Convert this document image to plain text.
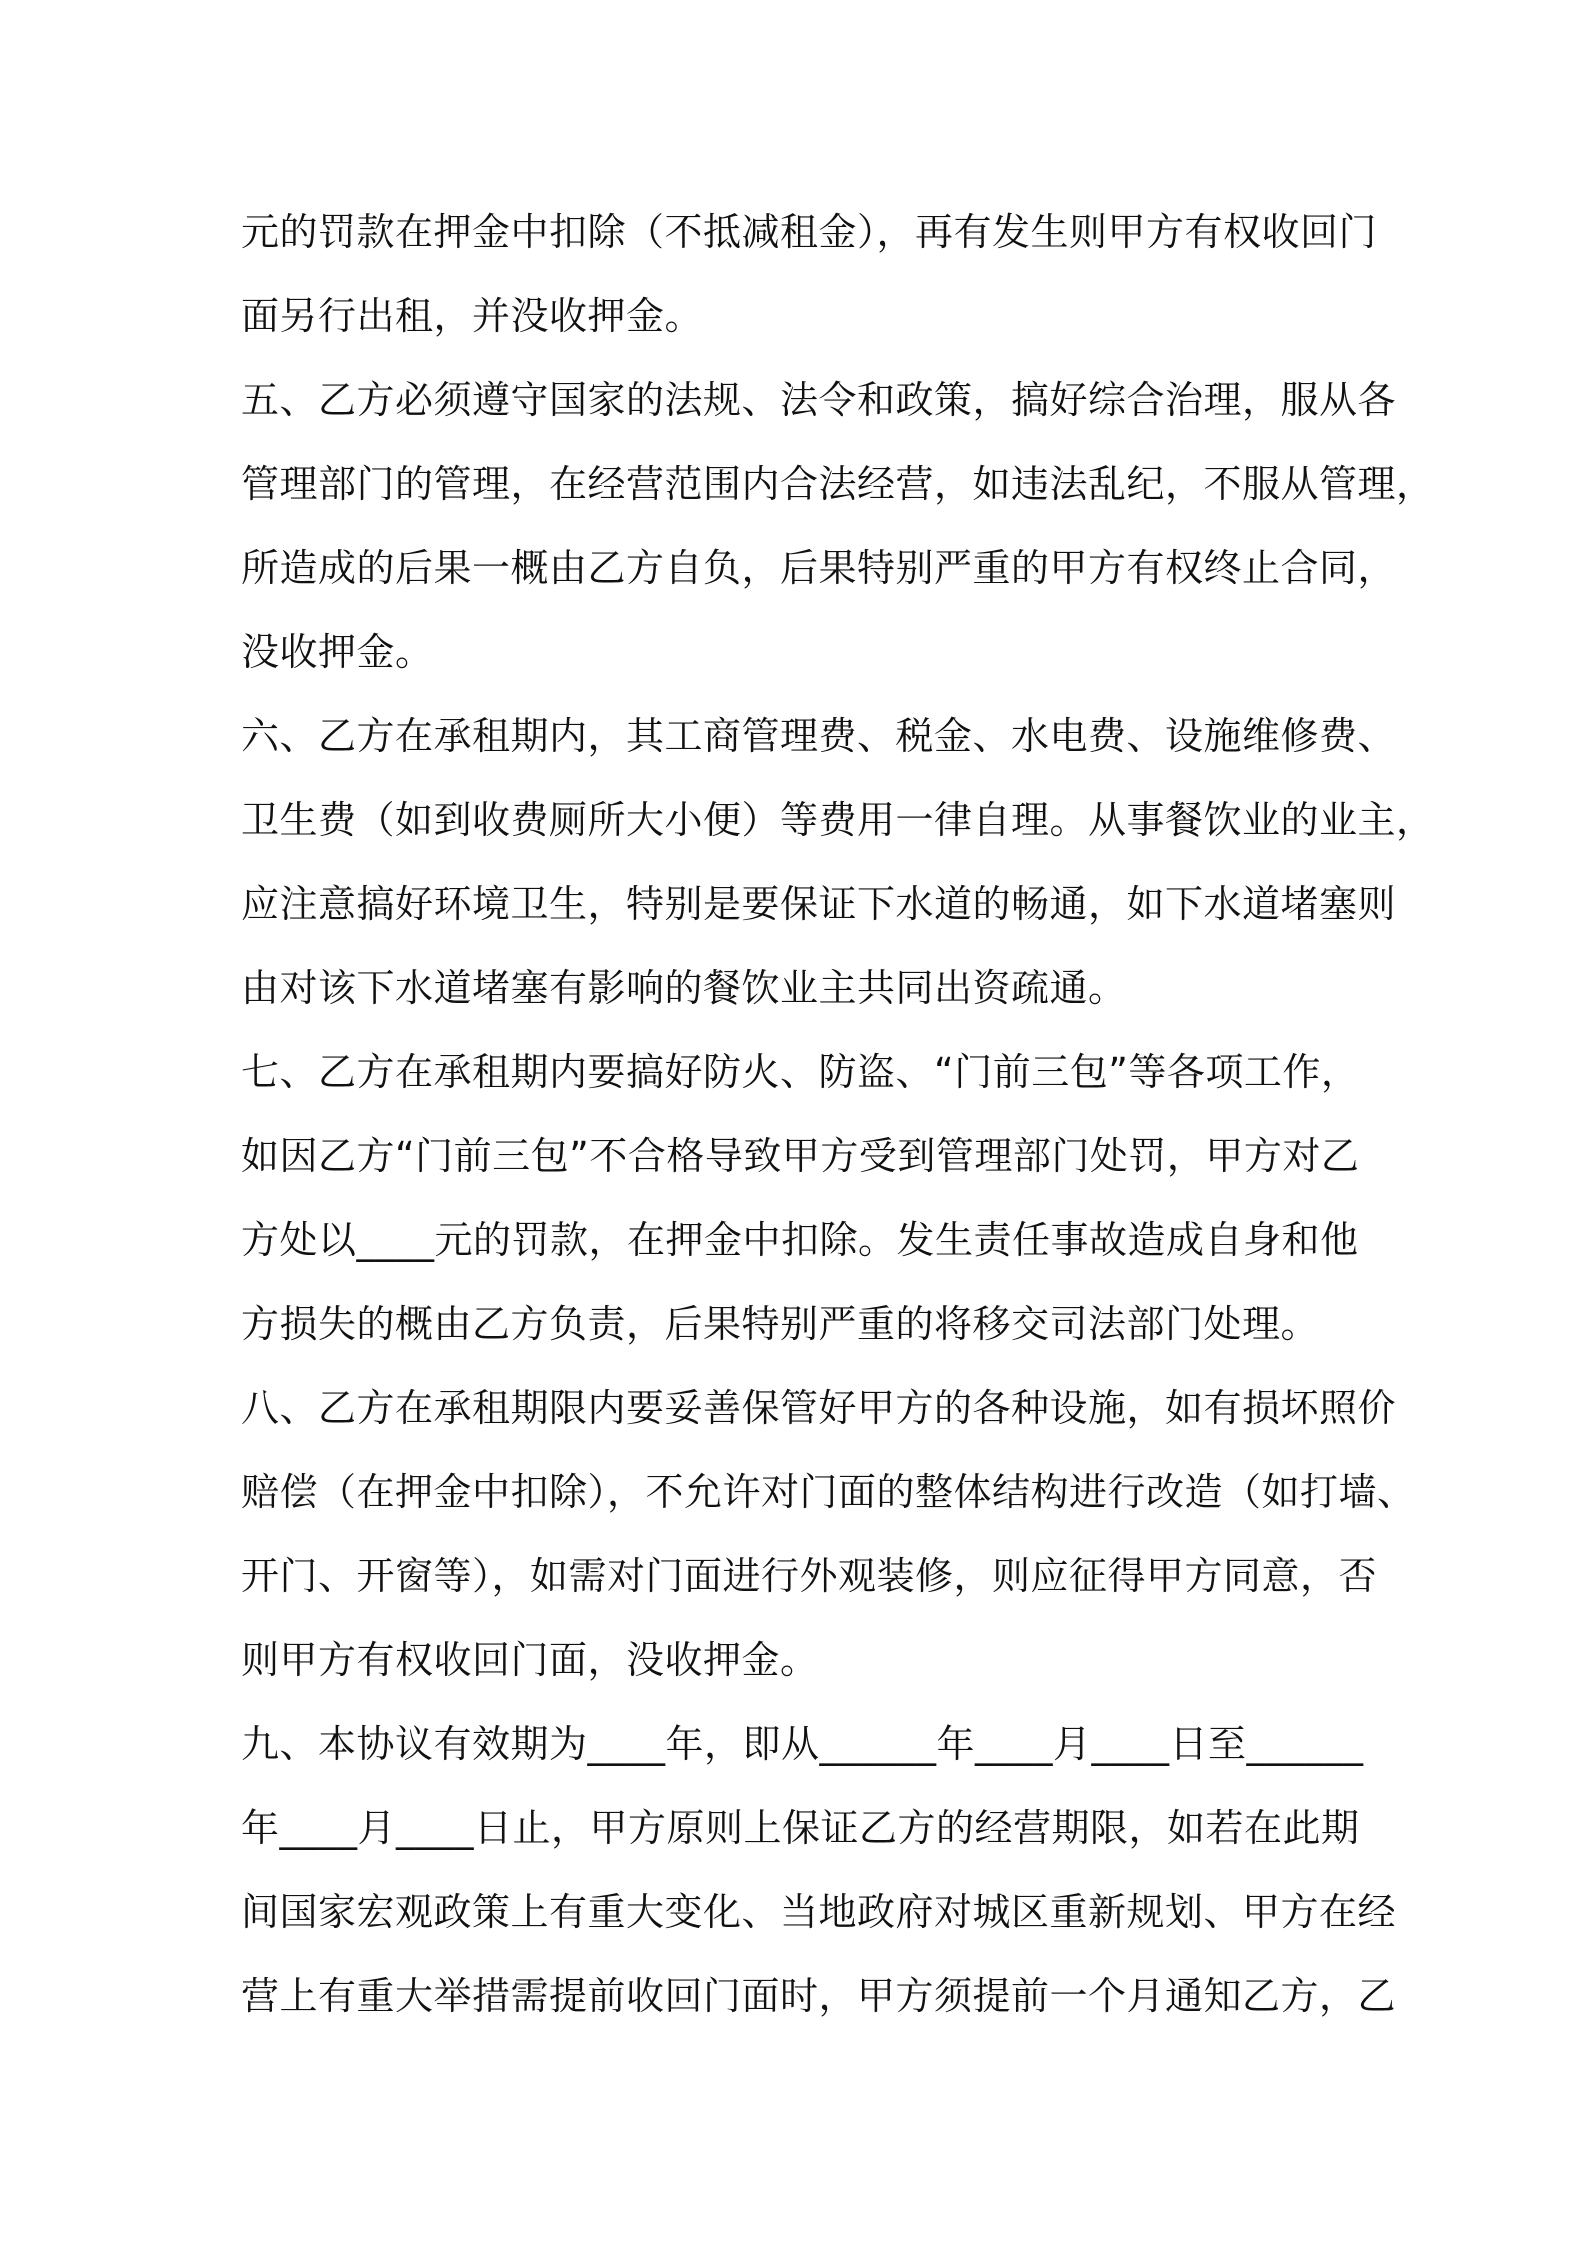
元的罚款在押金中扣除（不抵减租金），再有发生则甲方有权收回门
面另行出租，并没收押金。
五、乙方必须遵守国家的法规、法令和政策，搞好综合治理，服从各
管理部门的管理，在经营范围内合法经营，如违法乱纪，不服从管理，
所造成的后果一概由乙方自负，后果特别严重的甲方有权终止合同，
没收押金。
六、乙方在承租期内，其工商管理费、税金、水电费、设施维修费、
卫生费（如到收费厕所大小便）等费用一律自理。从事餐饮业的业主，
应注意搞好环境卫生，特别是要保证下水道的畅通，如下水道堵塞则
由对该下水道堵塞有影响的餐饮业主共同出资疏通。
七、乙方在承租期内要搞好防火、防盗、“门前三包”等各项工作，
如因乙方“门前三包”不合格导致甲方受到管理部门处罚，甲方对乙
方处以____元的罚款，在押金中扣除。发生责任事故造成自身和他
方损失的概由乙方负责，后果特别严重的将移交司法部门处理。
八、乙方在承租期限内要妥善保管好甲方的各种设施，如有损坏照价
赔偿（在押金中扣除），不允许对门面的整体结构进行改造（如打墙、
开门、开窗等），如需对门面进行外观装修，则应征得甲方同意，否
则甲方有权收回门面，没收押金。
九、本协议有效期为____年，即从______年____月____日至______
年____月____日止，甲方原则上保证乙方的经营期限，如若在此期
间国家宏观政策上有重大变化、当地政府对城区重新规划、甲方在经
营上有重大举措需提前收回门面时，甲方须提前一个月通知乙方，乙
